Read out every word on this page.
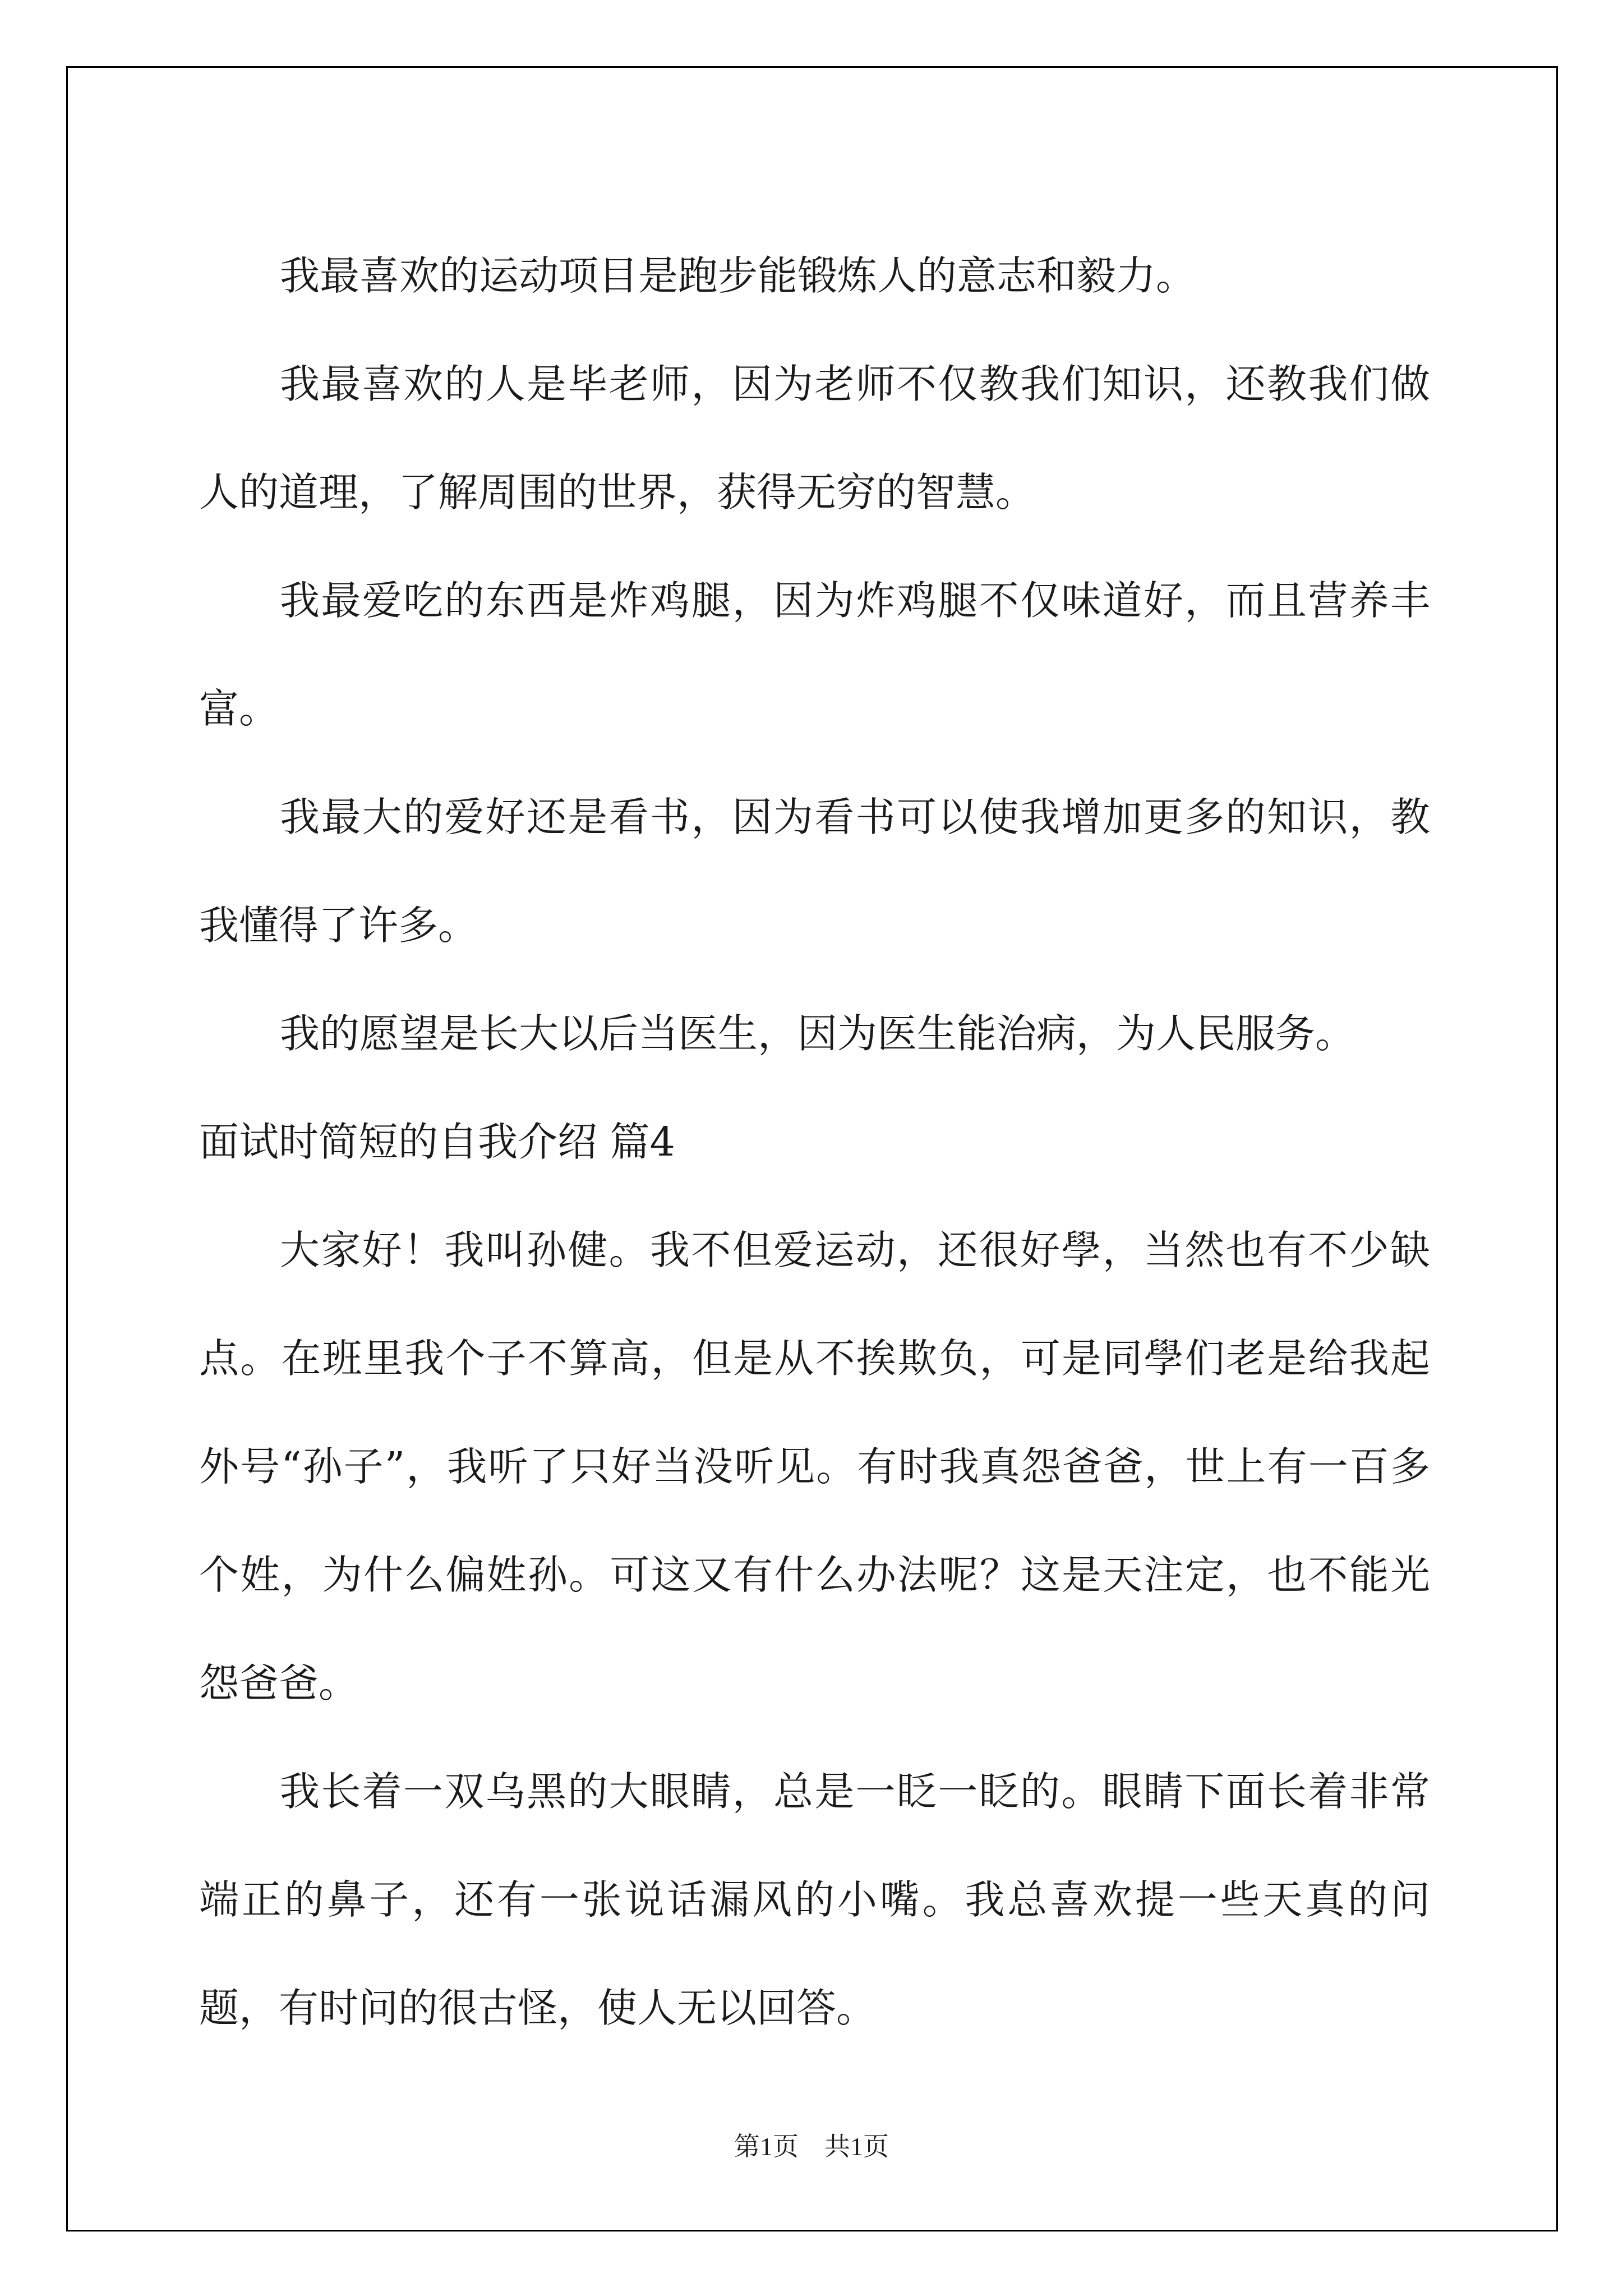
我最喜欢的运动项目是跑步能锻炼人的意志和毅力。

我最喜欢的人是毕老师，因为老师不仅教我们知识，还教我们做人的道理，了解周围的世界，获得无穷的智慧。

我最爱吃的东西是炸鸡腿，因为炸鸡腿不仅味道好，而且营养丰富。

我最大的爱好还是看书，因为看书可以使我增加更多的知识，教我懂得了许多。

我的愿望是长大以后当医生，因为医生能治病，为人民服务。

面试时简短的自我介绍 篇4

大家好！我叫孙健。我不但爱运动，还很好學，当然也有不少缺点。在班里我个子不算高，但是从不挨欺负，可是同學们老是给我起外号“孙子”，我听了只好当没听见。有时我真怨爸爸，世上有一百多个姓，为什么偏姓孙。可这又有什么办法呢？这是天注定，也不能光怨爸爸。

我长着一双乌黑的大眼睛，总是一眨一眨的。眼睛下面长着非常端正的鼻子，还有一张说话漏风的小嘴。我总喜欢提一些天真的问题，有时问的很古怪，使人无以回答。

第1页　共1页
